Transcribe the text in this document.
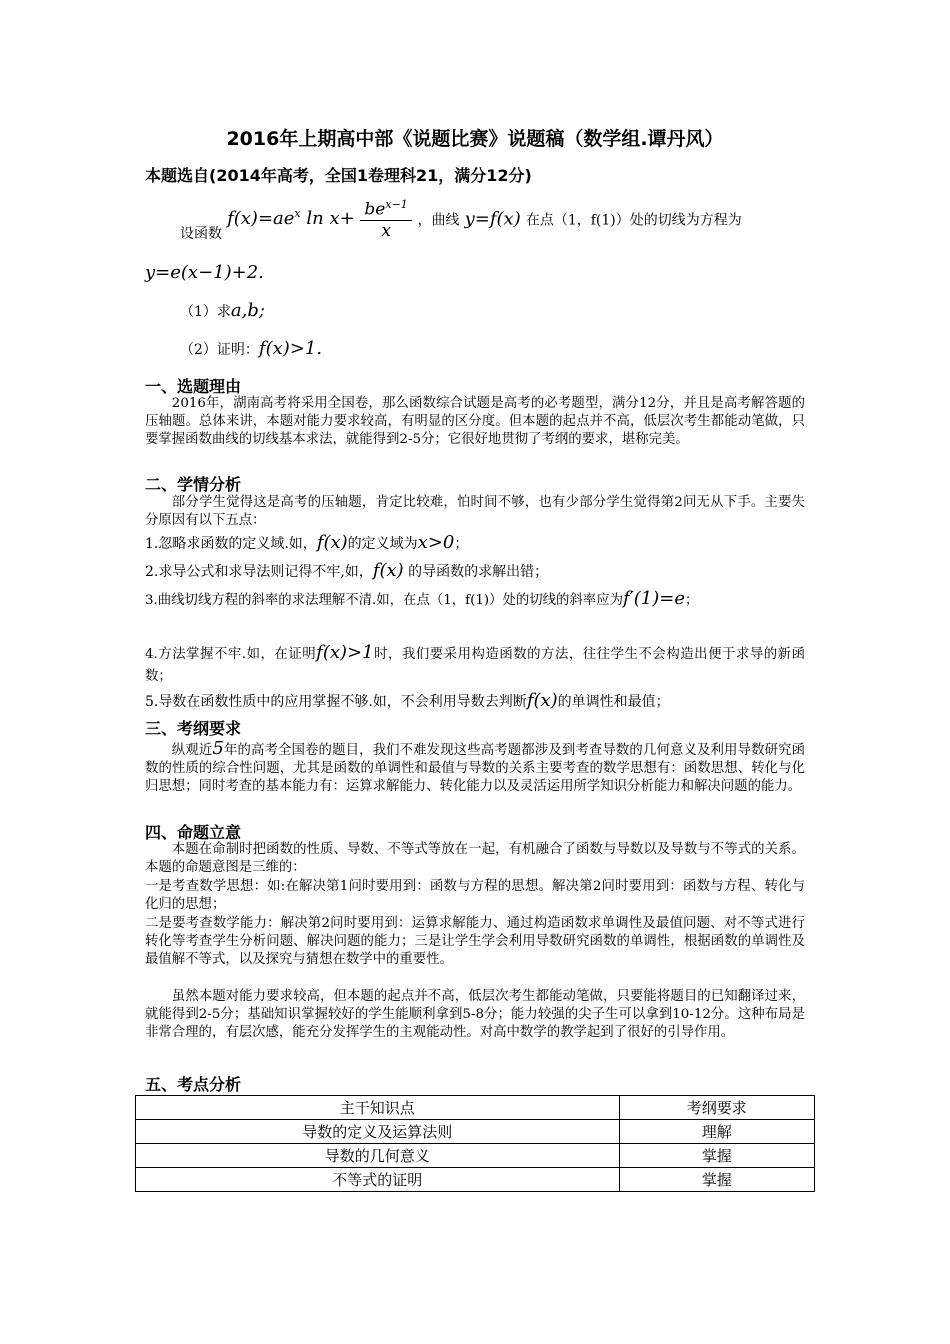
2016年上期高中部《说题比赛》说题稿（数学组.谭丹风）
本题选自(2014年高考，全国1卷理科21，满分12分)
设函数 $f(x)=ae^x$ $\ln x+ \frac{be^{x-1}}{x}$ ，曲线 y=f(x) 在点（1，f(1)）处的切线为方程为
y=e(x−1)+2.
（1）求a,b;
（2）证明：f(x)>1.
一、选题理由
2016年，湖南高考将采用全国卷，那么函数综合试题是高考的必考题型，满分12分，并且是高考解答题的压轴题。总体来讲，本题对能力要求较高，有明显的区分度。但本题的起点并不高，低层次考生都能动笔做，只要掌握函数曲线的切线基本求法，就能得到2-5分；它很好地贯彻了考纲的要求，堪称完美。
二、学情分析
部分学生觉得这是高考的压轴题，肯定比较难，怕时间不够，也有少部分学生觉得第2问无从下手。主要失分原因有以下五点：
1.忽略求函数的定义域.如，f(x)的定义域为x>0；
2.求导公式和求导法则记得不牢,如，f(x) 的导函数的求解出错；
3.曲线切线方程的斜率的求法理解不清.如，在点（1，f(1)）处的切线的斜率应为f′(1)=e；
4.方法掌握不牢.如，在证明f(x)>1时，我们要采用构造函数的方法，往往学生不会构造出便于求导的新函数；
5.导数在函数性质中的应用掌握不够.如，不会利用导数去判断f(x)的单调性和最值；
三、考纲要求
纵观近5年的高考全国卷的题目，我们不难发现这些高考题都涉及到考查导数的几何意义及利用导数研究函数的性质的综合性问题，尤其是函数的单调性和最值与导数的关系主要考查的数学思想有：函数思想、转化与化归思想；同时考查的基本能力有：运算求解能力、转化能力以及灵活运用所学知识分析能力和解决问题的能力。
四、命题立意
本题在命制时把函数的性质、导数、不等式等放在一起，有机融合了函数与导数以及导数与不等式的关系。本题的命题意图是三维的：
一是考查数学思想：如:在解决第1问时要用到：函数与方程的思想。解决第2问时要用到：函数与方程、转化与化归的思想；
二是要考查数学能力：解决第2问时要用到：运算求解能力、通过构造函数求单调性及最值问题、对不等式进行转化等考查学生分析问题、解决问题的能力；三是让学生学会利用导数研究函数的单调性，根据函数的单调性及最值解不等式，以及探究与猜想在数学中的重要性。
虽然本题对能力要求较高，但本题的起点并不高，低层次考生都能动笔做，只要能将题目的已知翻译过来，就能得到2-5分；基础知识掌握较好的学生能顺利拿到5-8分；能力较强的尖子生可以拿到10-12分。这种布局是非常合理的，有层次感，能充分发挥学生的主观能动性。对高中数学的教学起到了很好的引导作用。
五、考点分析
主干知识点	考纲要求
导数的定义及运算法则	理解
导数的几何意义	掌握
不等式的证明	掌握
